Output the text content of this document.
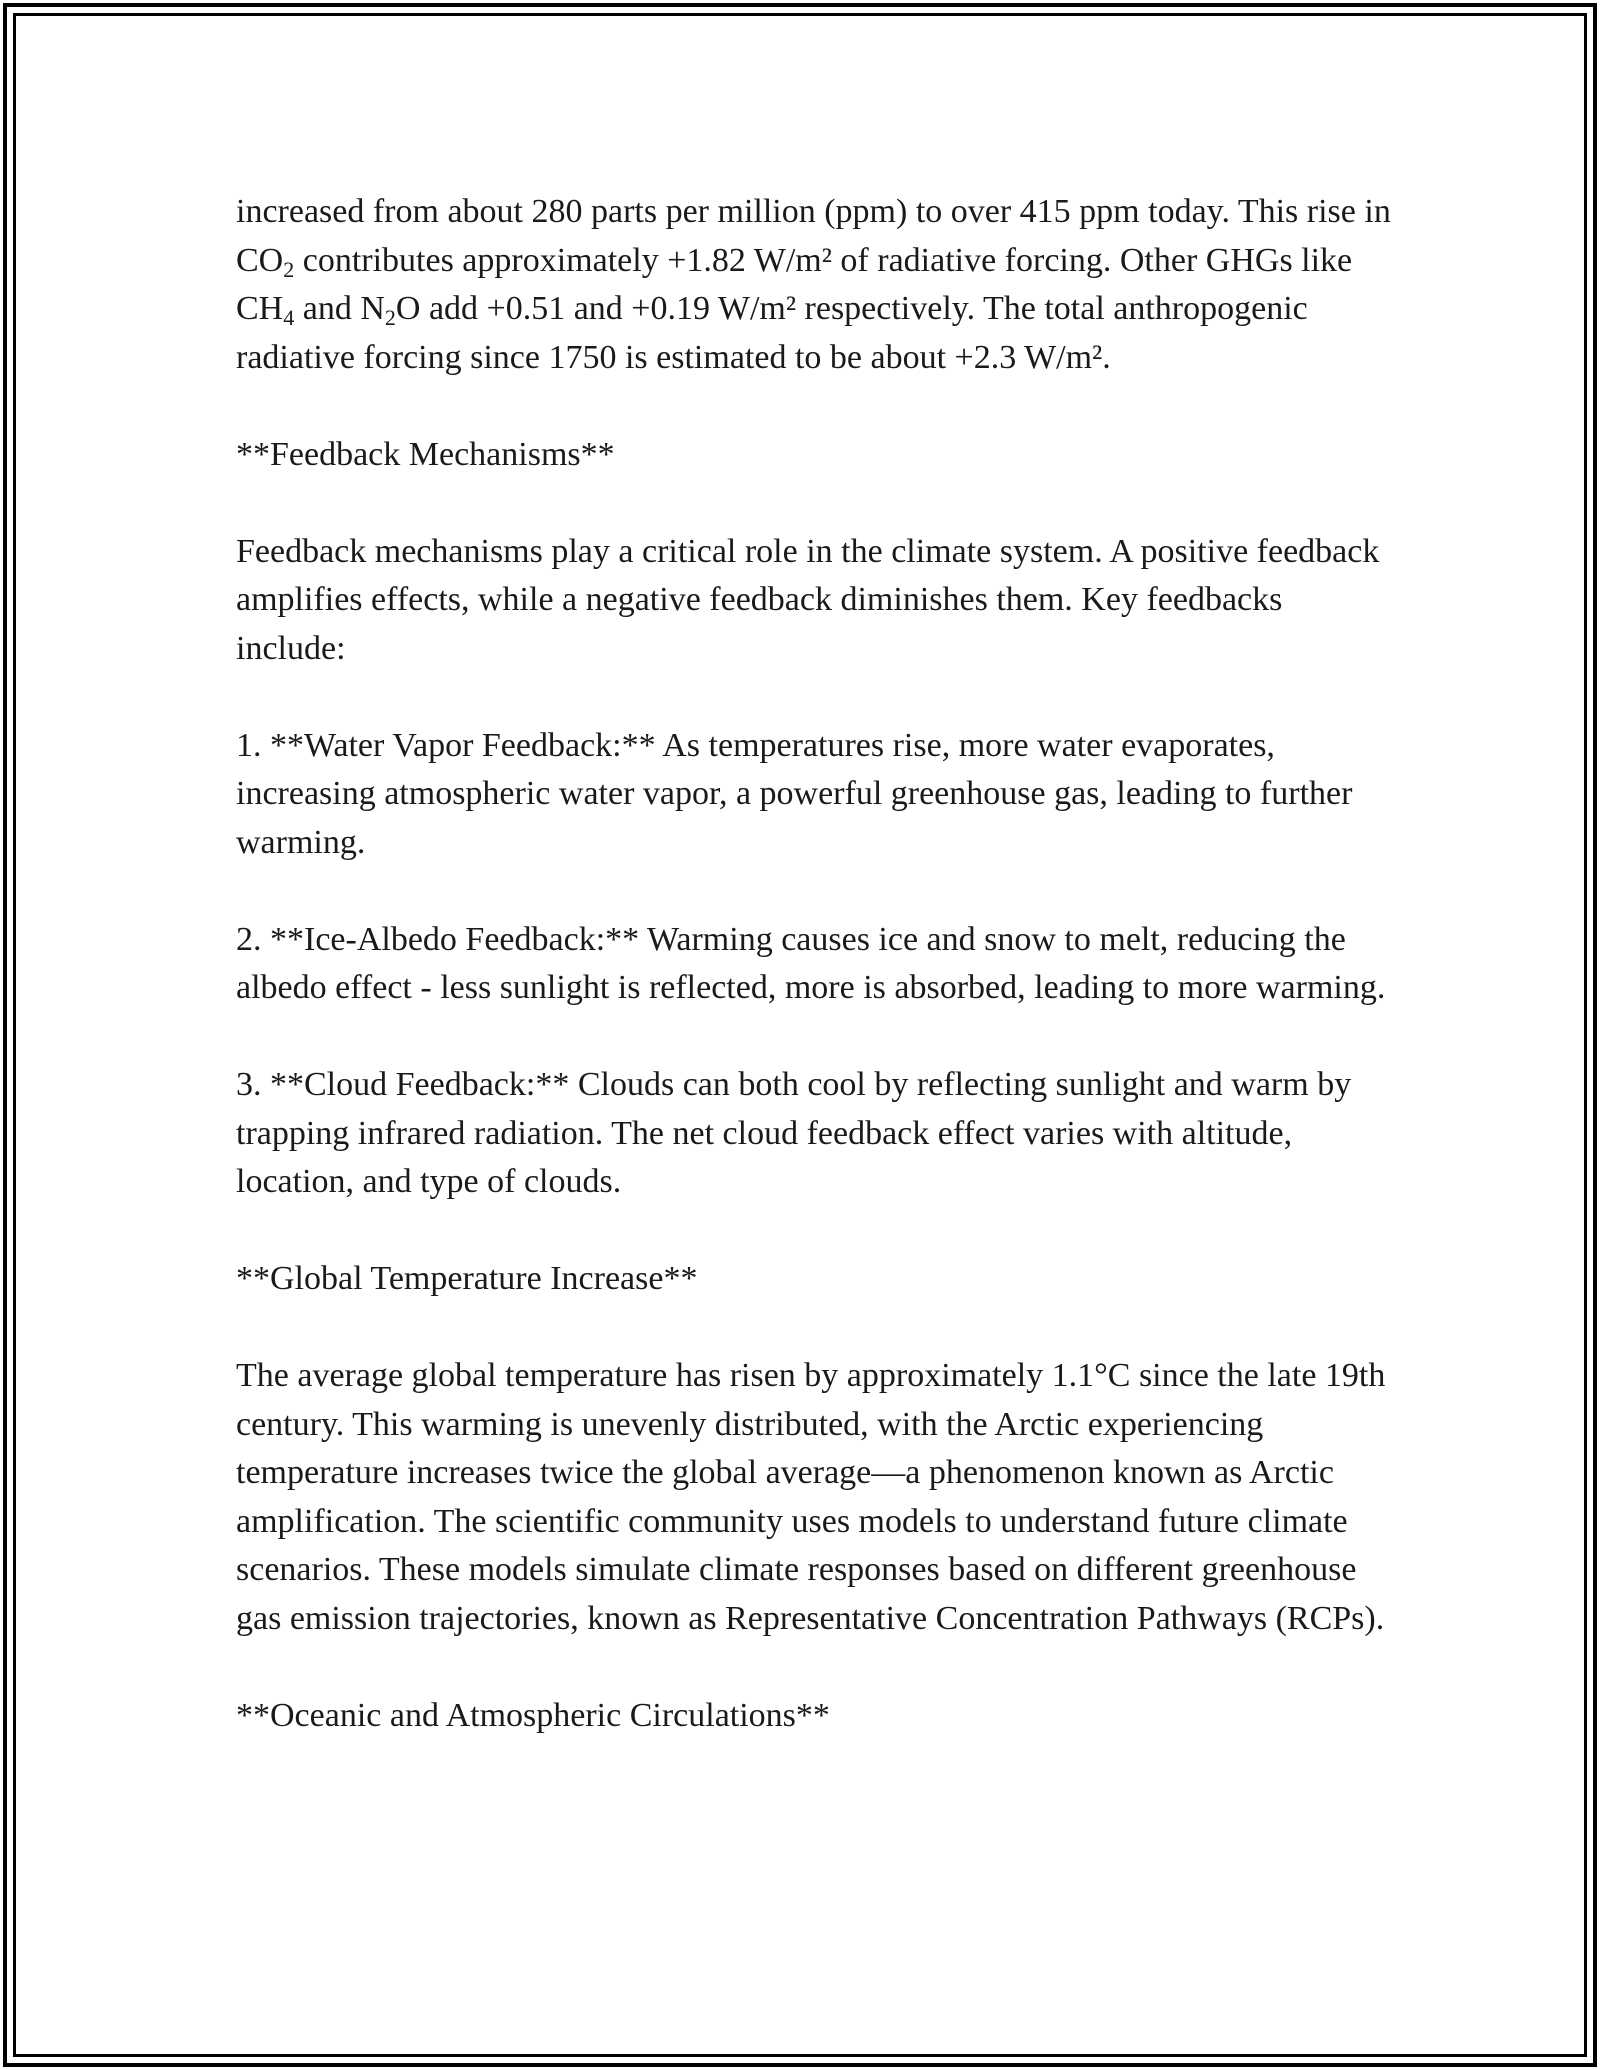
increased from about 280 parts per million (ppm) to over 415 ppm today. This rise in $CO_2$ contributes approximately +1.82 W/m² of radiative forcing. Other GHGs like $CH_4$ and $N_2O$ add +0.51 and +0.19 W/m² respectively. The total anthropogenic radiative forcing since 1750 is estimated to be about +2.3 W/m².

**Feedback Mechanisms**

Feedback mechanisms play a critical role in the climate system. A positive feedback amplifies effects, while a negative feedback diminishes them. Key feedbacks include:

1. **Water Vapor Feedback:** As temperatures rise, more water evaporates, increasing atmospheric water vapor, a powerful greenhouse gas, leading to further warming.

2. **Ice-Albedo Feedback:** Warming causes ice and snow to melt, reducing the albedo effect - less sunlight is reflected, more is absorbed, leading to more warming.

3. **Cloud Feedback:** Clouds can both cool by reflecting sunlight and warm by trapping infrared radiation. The net cloud feedback effect varies with altitude, location, and type of clouds.

**Global Temperature Increase**

The average global temperature has risen by approximately 1.1°C since the late 19th century. This warming is unevenly distributed, with the Arctic experiencing temperature increases twice the global average—a phenomenon known as Arctic amplification. The scientific community uses models to understand future climate scenarios. These models simulate climate responses based on different greenhouse gas emission trajectories, known as Representative Concentration Pathways (RCPs).

**Oceanic and Atmospheric Circulations**
